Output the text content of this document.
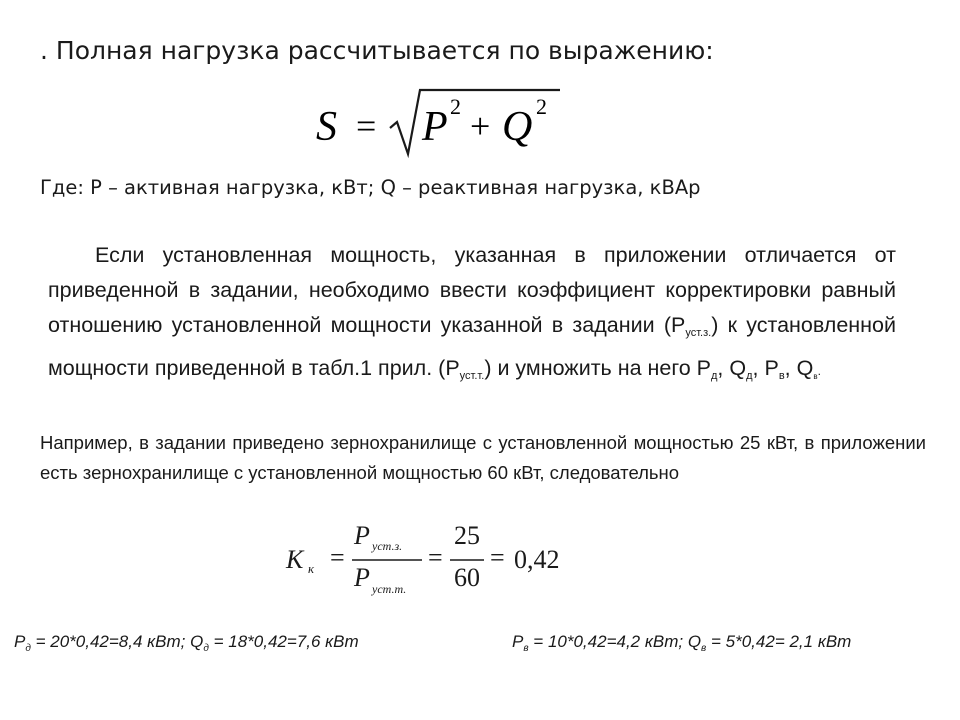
. Полная нагрузка рассчитывается по выражению:
S = P 2 + Q 2
Где: P – активная нагрузка, кВт; Q – реактивная нагрузка, кВАр
Если установленная мощность, указанная в приложении отличается от приведенной в задании, необходимо ввести коэффициент корректировки равный отношению установленной мощности указанной в задании $(Р_{уст.з.})$ к установленной мощности приведенной в табл.1 прил. $(Р_{уст.т.})$ и умножить на него $Р_д$, $Q_д$, $Р_в$, $Q_в$.
Например, в задании приведено зернохранилище с установленной мощностью 25 кВт, в приложении есть зернохранилище с установленной мощностью 60 кВт, следовательно
K к =
P уст.з.
P уст.т.
=
25
60
= 0,42
$Р_д = 20*0,42=8,4$ кВт; $Q_д = 18*0,42=7,6$ кВт	$Р_в = 10*0,42=4,2$ кВт; $Q_в = 5*0,42= 2,1$ кВт
